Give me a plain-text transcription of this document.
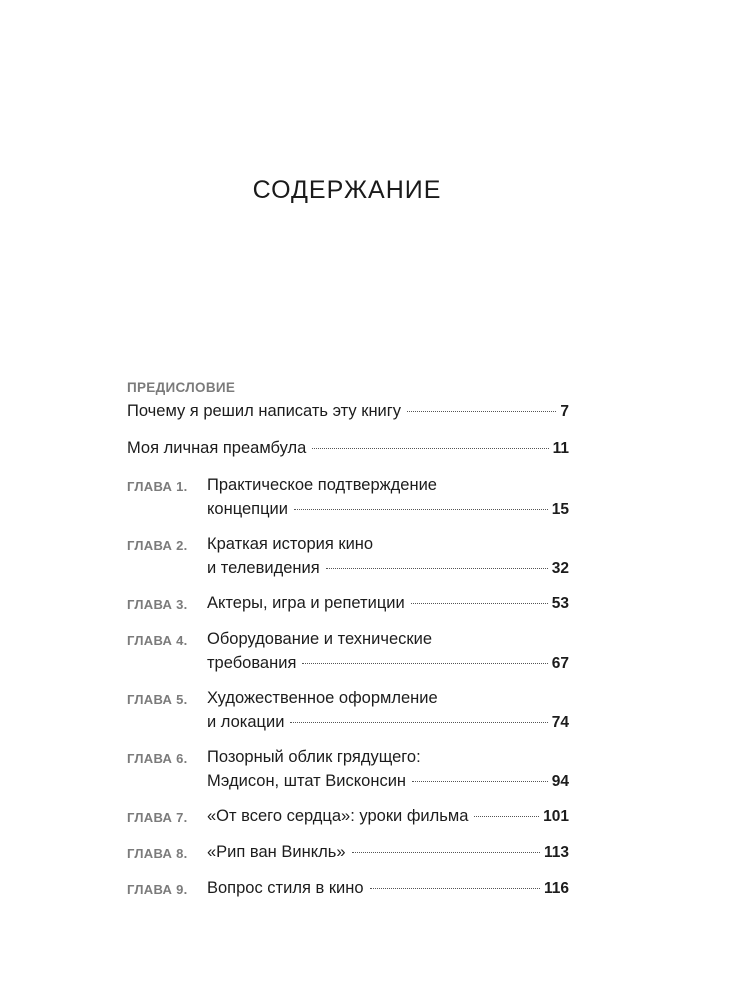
СОДЕРЖАНИЕ
ПРЕДИСЛОВИЕ
Почему я решил написать эту книгу	7
Моя личная преамбула	11
ГЛАВА 1.	Практическое подтверждение
концепции	15
ГЛАВА 2.	Краткая история кино
и телевидения	32
ГЛАВА 3.	Актеры, игра и репетиции	53
ГЛАВА 4.	Оборудование и технические
требования	67
ГЛАВА 5.	Художественное оформление
и локации	74
ГЛАВА 6.	Позорный облик грядущего:
Мэдисон, штат Висконсин	94
ГЛАВА 7.	«От всего сердца»: уроки фильма	101
ГЛАВА 8.	«Рип ван Винкль»	113
ГЛАВА 9.	Вопрос стиля в кино	116
